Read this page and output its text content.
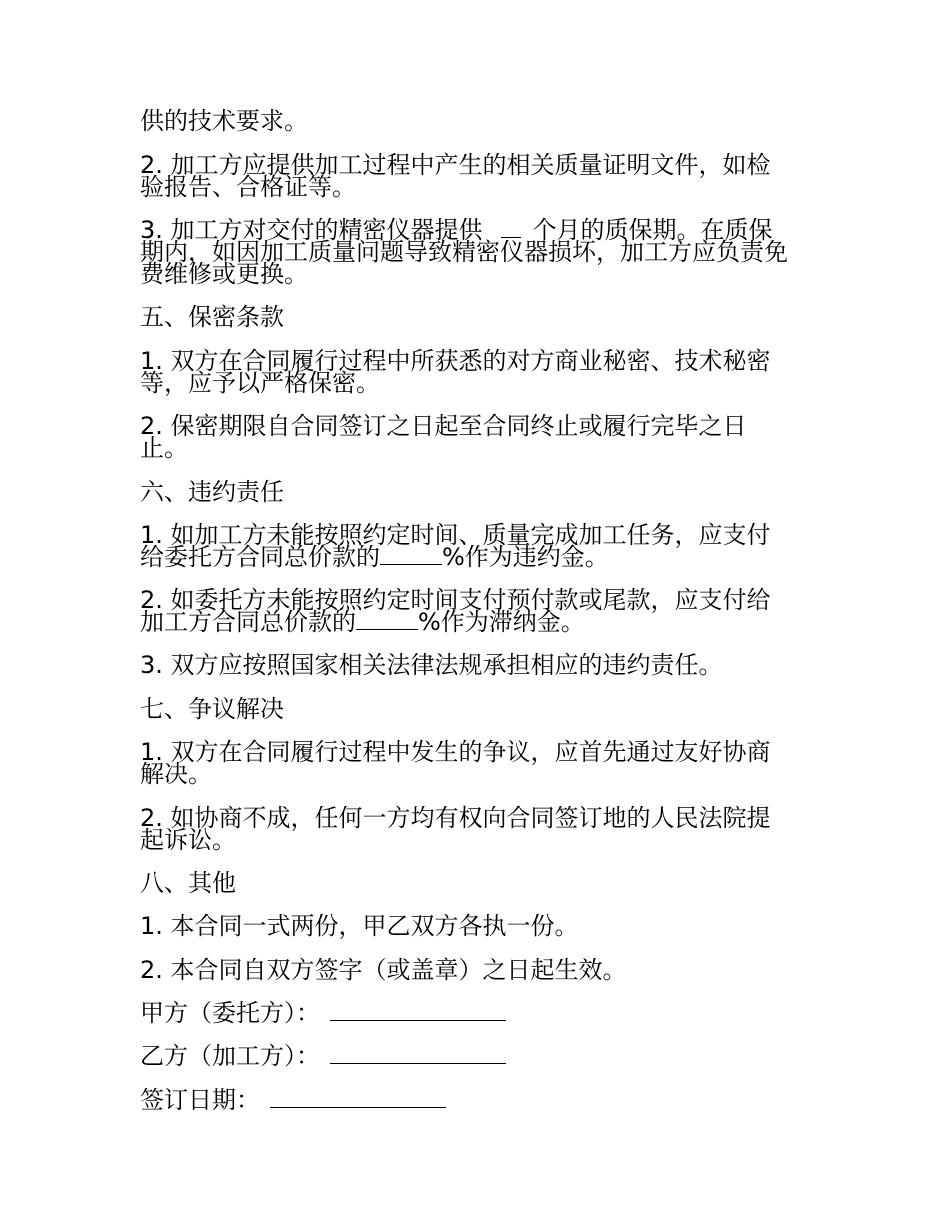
供的技术要求。
2. 加工方应提供加工过程中产生的相关质量证明文件，如检
验报告、合格证等。
3. 加工方对交付的精密仪器提供 个月的质保期。在质保
期内，如因加工质量问题导致精密仪器损坏，加工方应负责免
费维修或更换。
五、保密条款
1. 双方在合同履行过程中所获悉的对方商业秘密、技术秘密
等，应予以严格保密。
2. 保密期限自合同签订之日起至合同终止或履行完毕之日
止。
六、违约责任
1. 如加工方未能按照约定时间、质量完成加工任务，应支付
给委托方合同总价款的	%作为违约金。
2. 如委托方未能按照约定时间支付预付款或尾款，应支付给
加工方合同总价款的	%作为滞纳金。
3. 双方应按照国家相关法律法规承担相应的违约责任。
七、争议解决
1. 双方在合同履行过程中发生的争议，应首先通过友好协商
解决。
2. 如协商不成，任何一方均有权向合同签订地的人民法院提
起诉讼。
八、其他
1. 本合同一式两份，甲乙双方各执一份。
2. 本合同自双方签字（或盖章）之日起生效。
甲方（委托方）：
乙方（加工方）：
签订日期：
